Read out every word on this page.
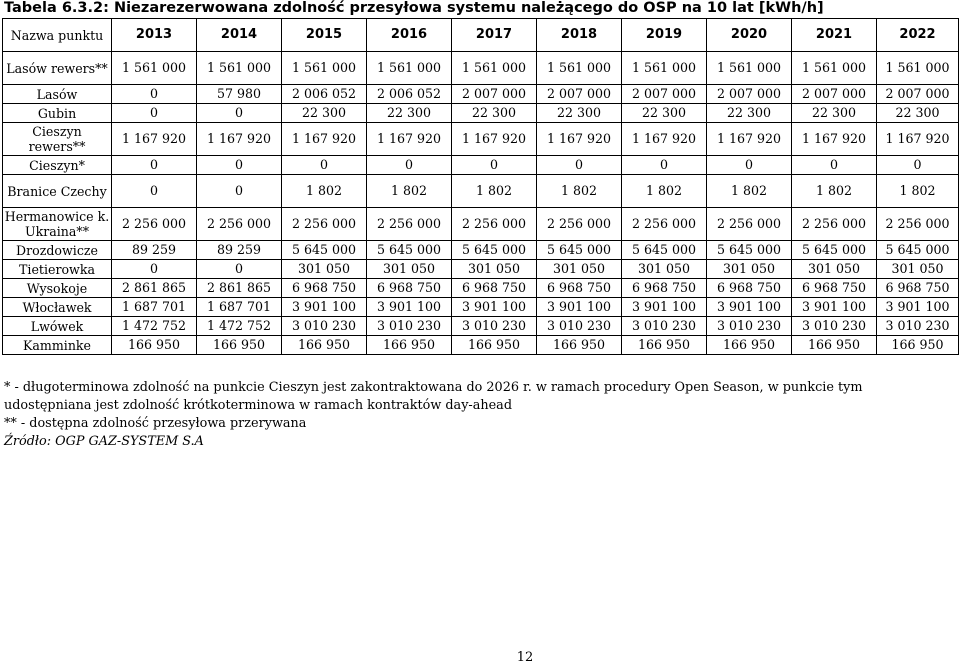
Tabela 6.3.2: Niezarezerwowana zdolność przesyłowa systemu należącego do OSP na 10 lat [kWh/h]
Nazwa punktu	2013	2014	2015	2016	2017	2018	2019	2020	2021	2022
Lasów rewers**	1 561 000	1 561 000	1 561 000	1 561 000	1 561 000	1 561 000	1 561 000	1 561 000	1 561 000	1 561 000
Lasów	0	57 980	2 006 052	2 006 052	2 007 000	2 007 000	2 007 000	2 007 000	2 007 000	2 007 000
Gubin	0	0	22 300	22 300	22 300	22 300	22 300	22 300	22 300	22 300
Cieszyn rewers**	1 167 920	1 167 920	1 167 920	1 167 920	1 167 920	1 167 920	1 167 920	1 167 920	1 167 920	1 167 920
Cieszyn*	0	0	0	0	0	0	0	0	0	0
Branice Czechy	0	0	1 802	1 802	1 802	1 802	1 802	1 802	1 802	1 802
Hermanowice k. Ukraina**	2 256 000	2 256 000	2 256 000	2 256 000	2 256 000	2 256 000	2 256 000	2 256 000	2 256 000	2 256 000
Drozdowicze	89 259	89 259	5 645 000	5 645 000	5 645 000	5 645 000	5 645 000	5 645 000	5 645 000	5 645 000
Tietierowka	0	0	301 050	301 050	301 050	301 050	301 050	301 050	301 050	301 050
Wysokoje	2 861 865	2 861 865	6 968 750	6 968 750	6 968 750	6 968 750	6 968 750	6 968 750	6 968 750	6 968 750
Włocławek	1 687 701	1 687 701	3 901 100	3 901 100	3 901 100	3 901 100	3 901 100	3 901 100	3 901 100	3 901 100
Lwówek	1 472 752	1 472 752	3 010 230	3 010 230	3 010 230	3 010 230	3 010 230	3 010 230	3 010 230	3 010 230
Kamminke	166 950	166 950	166 950	166 950	166 950	166 950	166 950	166 950	166 950	166 950
* - długoterminowa zdolność na punkcie Cieszyn jest zakontraktowana do 2026 r. w ramach procedury Open Season, w punkcie tym
udostępniana jest zdolność krótkoterminowa w ramach kontraktów day-ahead
** - dostępna zdolność przesyłowa przerywana
Źródło: OGP GAZ-SYSTEM S.A
12
